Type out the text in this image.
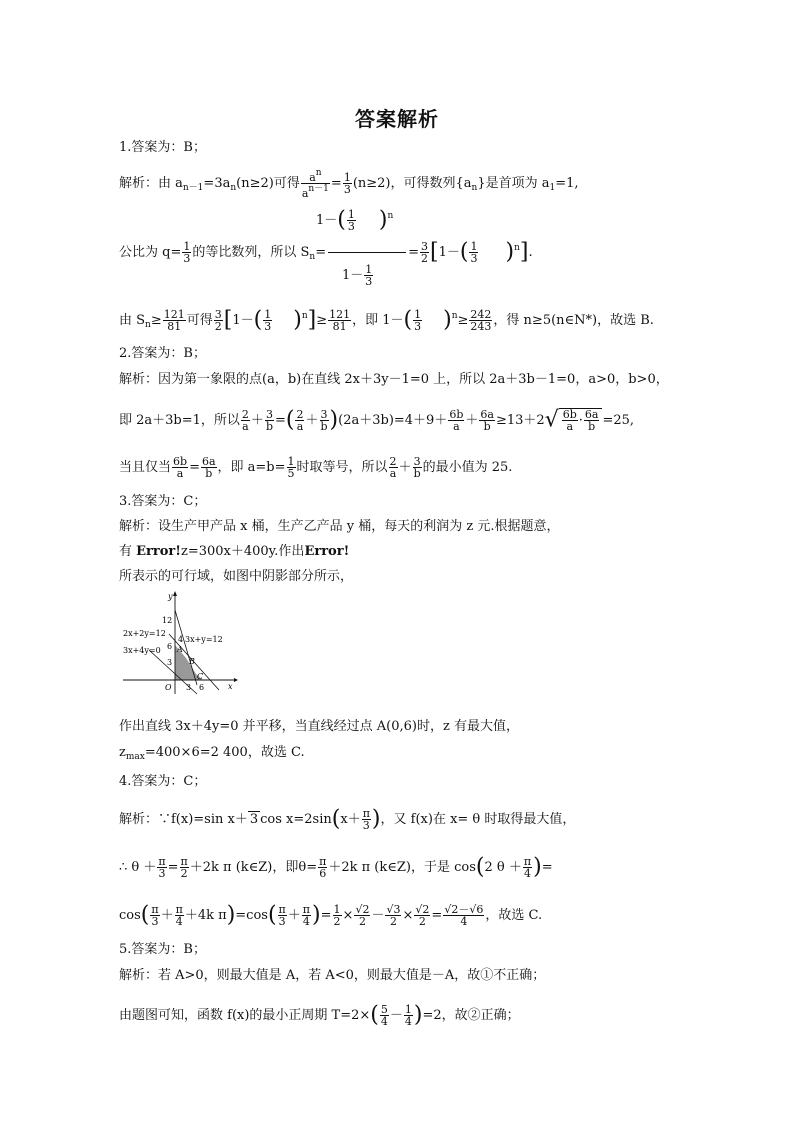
答案解析
1.答案为：B；
解析：由 $a_{n-1}=3a_n(n\ge 2)$可得 $\frac{a^n}{a^{n-1}} = \frac{1}{3} (n\ge 2)$，可得数列$\{a_n\}$是首项为 $a_1=1$,
$1-( \frac{1}{3} )^n$
公比为 $q= \frac{1}{3}$ 的等比数列，所以 $S_n=$	= $\frac{3}{2} [1-( \frac{1}{3} )^n]$.
$1- \frac{1}{3}$
由 $S_n\ge \frac{121}{81}$ 可得 $\frac{3}{2} [1-( \frac{1}{3} )^n]\ge \frac{121}{81}$ ，即 $1-( \frac{1}{3} )^n\ge \frac{242}{243}$ ，得 n≥5(n∈N*)，故选 B.
2.答案为：B；
解析：因为第一象限的点(a，b)在直线 2x＋3y－1=0 上，所以 2a＋3b－1=0，a>0，b>0，
即 2a＋3b=1，所以 $\frac{2}{a} + \frac{3}{b}$ =( $\frac{2}{a} + \frac{3}{b} )(2a+3b)=4+9+ \frac{6b}{a} + \frac{6a}{b} \ge 13+2√ \frac{6b}{a} \cdot \frac{6a}{b} =25$,
当且仅当 $\frac{6b}{a} = \frac{6a}{b}$ ，即 $a=b= \frac{1}{5}$ 时取等号，所以 $\frac{2}{a} + \frac{3}{b}$ 的最小值为 25.
3.答案为：C；
解析：设生产甲产品 x 桶，生产乙产品 y 桶，每天的利润为 z 元.根据题意，
有 Error!z=300x＋400y.作出Error!
所表示的可行域，如图中阴影部分所示，
y
x
O
12
6
4
3
3 6
B
C
A
2x+2y=12
3x+y=12
3x+4y=0
作出直线 3x＋4y=0 并平移，当直线经过点 A(0,6)时，z 有最大值，
$z_{max}=400\times 6=2$ 400，故选 C.
4.答案为：C；
解析：∵f(x)=sin x＋ 3 $\cos x=2\sin(x+ \frac{\pi}{3}$ )，又 f(x)在 x= θ 时取得最大值，
∴ $\theta + \frac{\pi}{3} = \frac{\pi}{2} +2k$ π (k∈Z)，即$\theta= \frac{\pi}{6} +2k$ π (k∈Z)，于是 cos(2 $\theta + \frac{\pi}{4}$ )=
$\cos( \frac{\pi}{3} + \frac{\pi}{4} +4k$ $\pi)=\cos( \frac{\pi}{3} + \frac{\pi}{4}$ )= $\frac{1}{2} \times \frac{√2}{2} - \frac{√3}{2} \times \frac{√2}{2} = \frac{√2-√6}{4}$ ，故选 C.
5.答案为：B；
解析：若 A>0，则最大值是 A，若 A<0，则最大值是－A，故①不正确；
由题图可知，函数 f(x)的最小正周期 $T=2\times( \frac{5}{4} - \frac{1}{4} )=2$，故②正确；
